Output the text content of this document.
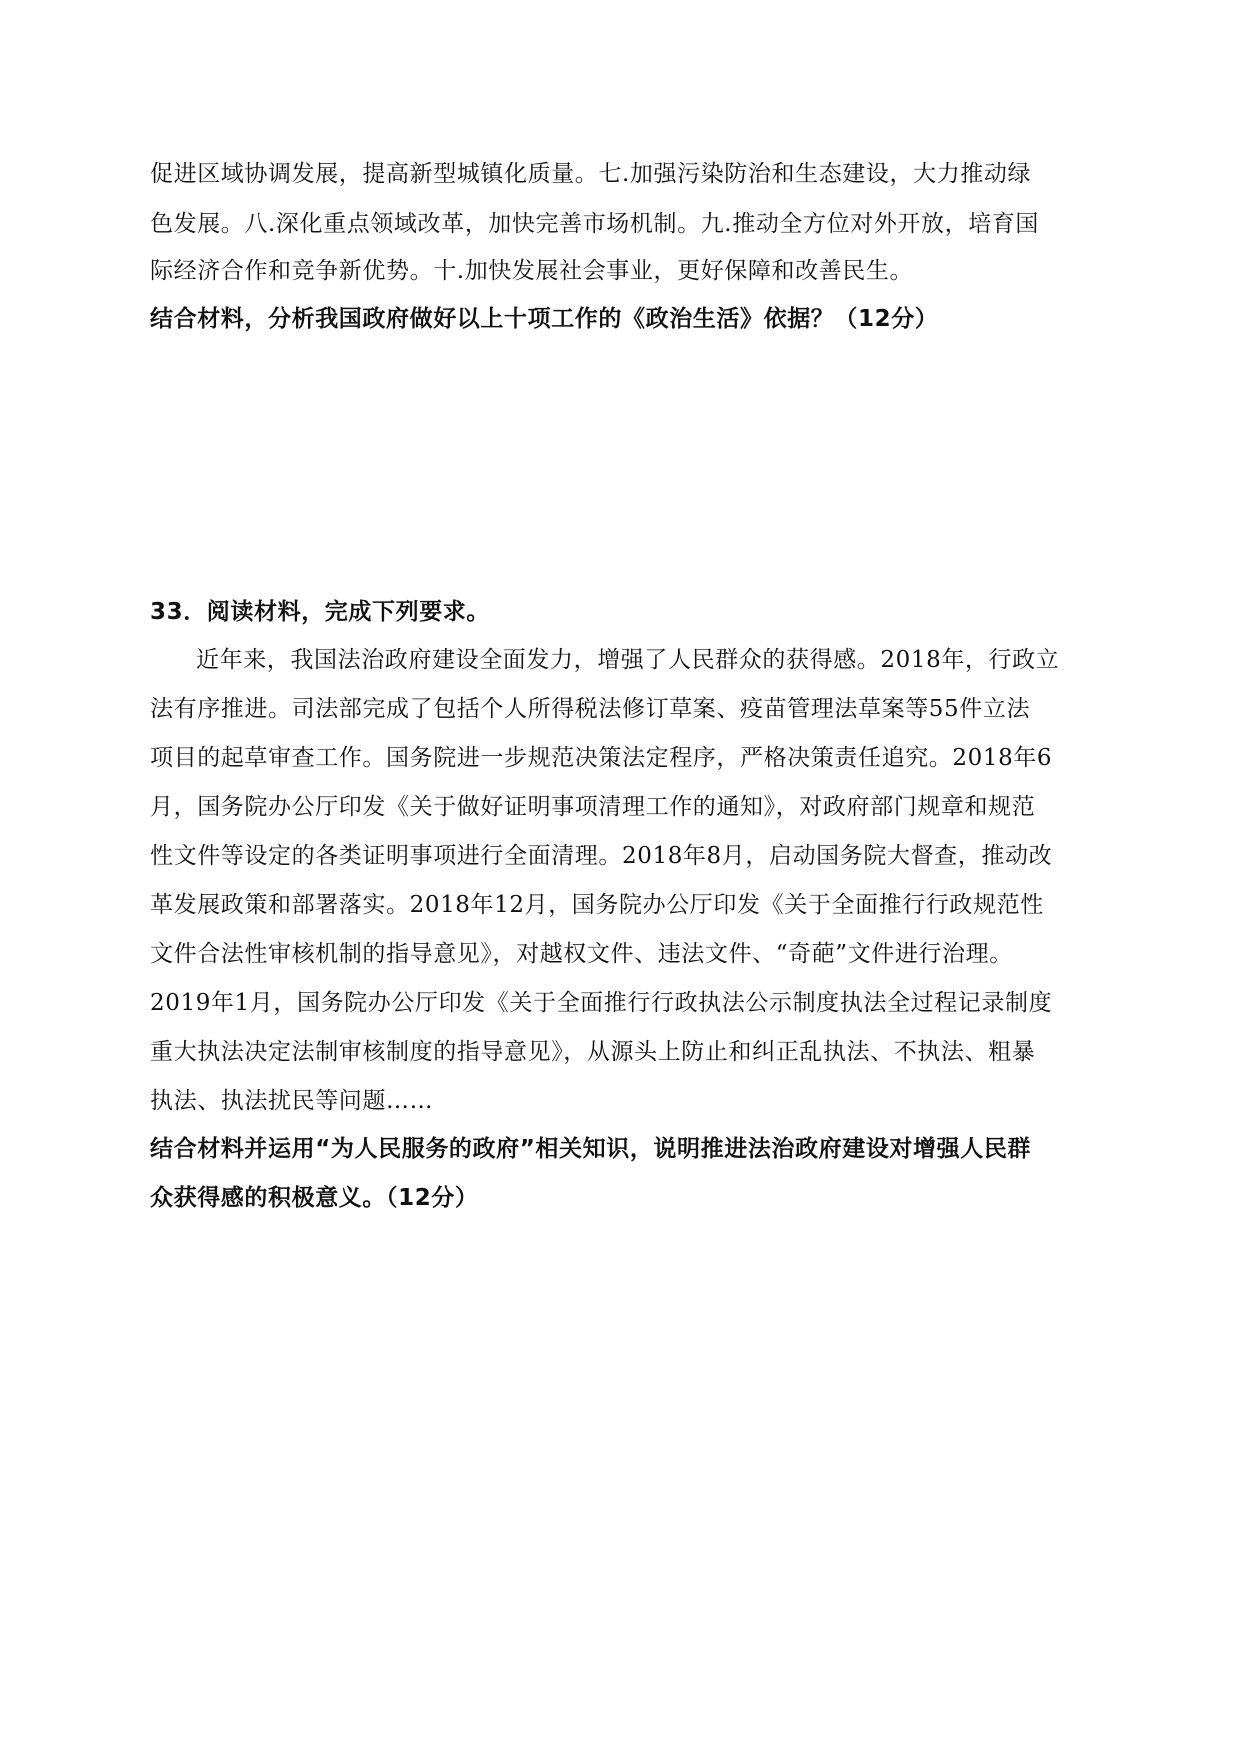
促进区域协调发展，提高新型城镇化质量。七.加强污染防治和生态建设，大力推动绿
色发展。八.深化重点领域改革，加快完善市场机制。九.推动全方位对外开放，培育国
际经济合作和竞争新优势。十.加快发展社会事业，更好保障和改善民生。
结合材料，分析我国政府做好以上十项工作的《政治生活》依据？（12分）
33．阅读材料，完成下列要求。
近年来，我国法治政府建设全面发力，增强了人民群众的获得感。2018年，行政立
法有序推进。司法部完成了包括个人所得税法修订草案、疫苗管理法草案等55件立法
项目的起草审查工作。国务院进一步规范决策法定程序，严格决策责任追究。2018年6
月，国务院办公厅印发《关于做好证明事项清理工作的通知》，对政府部门规章和规范
性文件等设定的各类证明事项进行全面清理。2018年8月，启动国务院大督查，推动改
革发展政策和部署落实。2018年12月，国务院办公厅印发《关于全面推行行政规范性
文件合法性审核机制的指导意见》，对越权文件、违法文件、“奇葩”文件进行治理。
2019年1月，国务院办公厅印发《关于全面推行行政执法公示制度执法全过程记录制度
重大执法决定法制审核制度的指导意见》，从源头上防止和纠正乱执法、不执法、粗暴
执法、执法扰民等问题……
结合材料并运用“为人民服务的政府”相关知识，说明推进法治政府建设对增强人民群
众获得感的积极意义。（12分）
